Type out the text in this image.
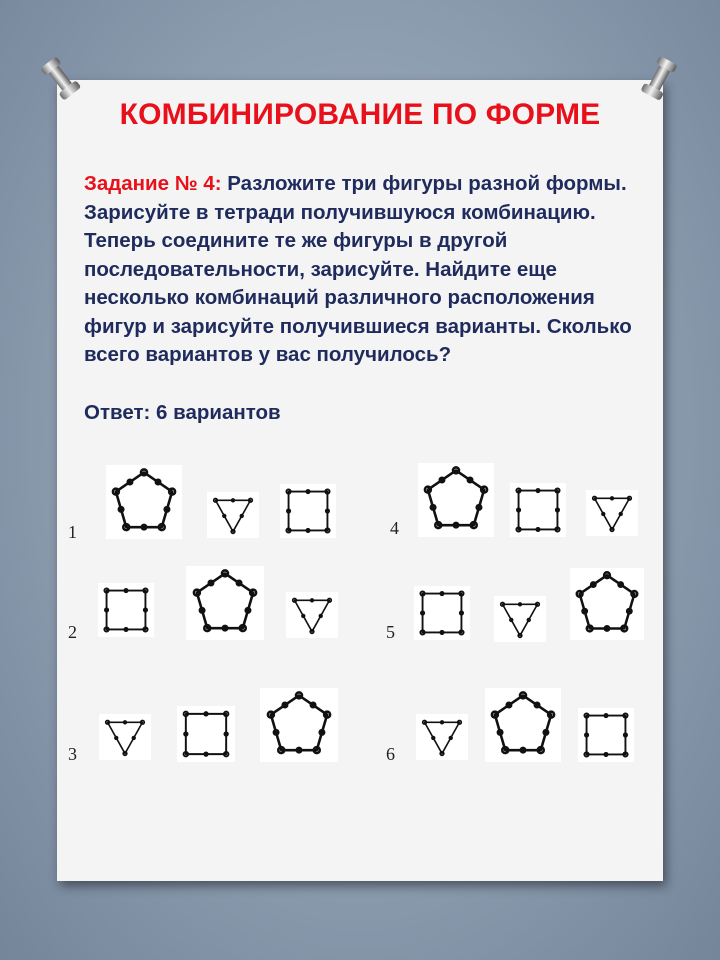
КОМБИНИРОВАНИЕ ПО ФОРМЕ
Задание № 4: Разложите три фигуры разной формы. Зарисуйте в тетради получившуюся комбинацию. Теперь соедините те же фигуры в другой последовательности, зарисуйте. Найдите еще несколько комбинаций различного расположения фигур и зарисуйте получившиеся варианты. Сколько всего вариантов у вас получилось?
Ответ: 6 вариантов
1
2
3
4
5
6
